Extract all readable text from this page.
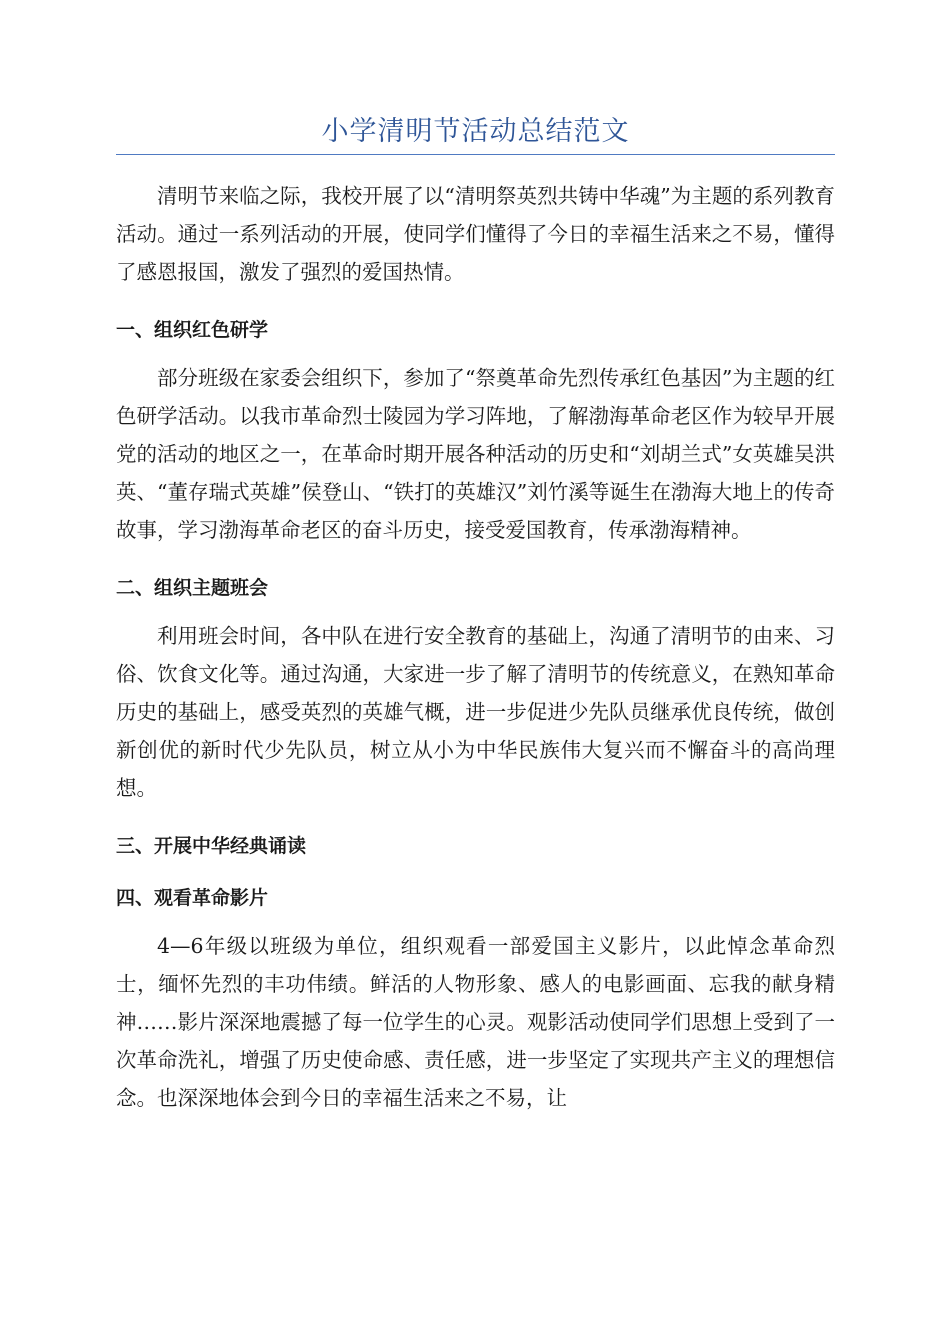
小学清明节活动总结范文

清明节来临之际，我校开展了以“清明祭英烈共铸中华魂”为主题的系列教育活动。通过一系列活动的开展，使同学们懂得了今日的幸福生活来之不易，懂得了感恩报国，激发了强烈的爱国热情。

一、组织红色研学

部分班级在家委会组织下，参加了“祭奠革命先烈传承红色基因”为主题的红色研学活动。以我市革命烈士陵园为学习阵地，了解渤海革命老区作为较早开展党的活动的地区之一，在革命时期开展各种活动的历史和“刘胡兰式”女英雄吴洪英、“董存瑞式英雄”侯登山、“铁打的英雄汉”刘竹溪等诞生在渤海大地上的传奇故事，学习渤海革命老区的奋斗历史，接受爱国教育，传承渤海精神。

二、组织主题班会

利用班会时间，各中队在进行安全教育的基础上，沟通了清明节的由来、习俗、饮食文化等。通过沟通，大家进一步了解了清明节的传统意义，在熟知革命历史的基础上，感受英烈的英雄气概，进一步促进少先队员继承优良传统，做创新创优的新时代少先队员，树立从小为中华民族伟大复兴而不懈奋斗的高尚理想。

三、开展中华经典诵读
四、观看革命影片

4—6年级以班级为单位，组织观看一部爱国主义影片，以此悼念革命烈士，缅怀先烈的丰功伟绩。鲜活的人物形象、感人的电影画面、忘我的献身精神……影片深深地震撼了每一位学生的心灵。观影活动使同学们思想上受到了一次革命洗礼，增强了历史使命感、责任感，进一步坚定了实现共产主义的理想信念。也深深地体会到今日的幸福生活来之不易，让
